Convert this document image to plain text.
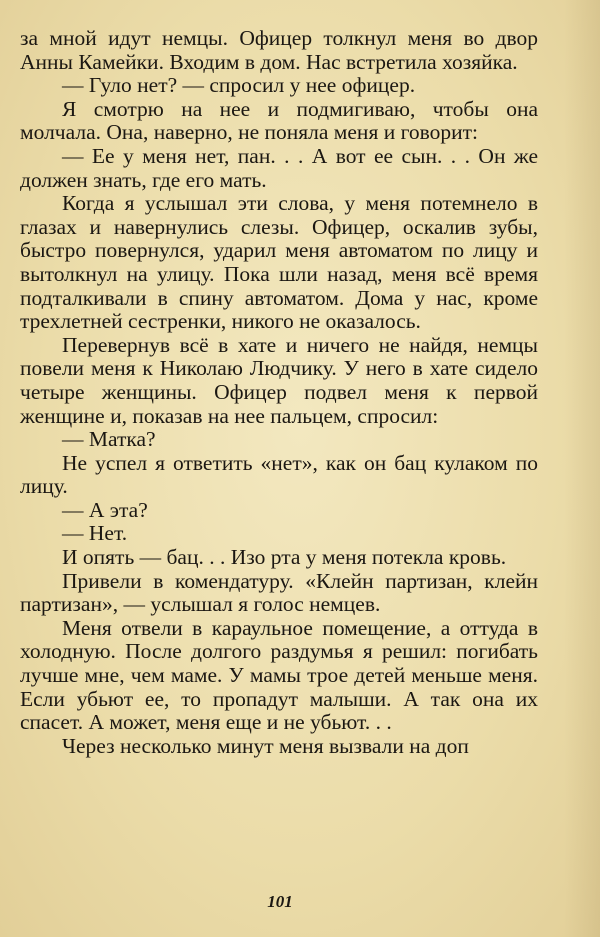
за мной идут немцы. Офицер толкнул меня во двор Анны Камейки. Входим в дом. Нас встретила хозяйка.

— Гуло нет? — спросил у нее офицер.

Я смотрю на нее и подмигиваю, чтобы она молчала. Она, наверно, не поняла меня и говорит:

— Ее у меня нет, пан. . . А вот ее сын. . . Он же должен знать, где его мать.

Когда я услышал эти слова, у меня потемнело в глазах и навернулись слезы. Офицер, оскалив зубы, быстро повернулся, ударил меня автоматом по лицу и вытолкнул на улицу. Пока шли назад, меня всё время подталкивали в спину автоматом. Дома у нас, кроме трехлетней сестренки, никого не оказалось.

Перевернув всё в хате и ничего не найдя, немцы повели меня к Николаю Людчику. У него в хате сидело четыре женщины. Офицер подвел меня к первой женщине и, показав на нее пальцем, спросил:

— Матка?

Не успел я ответить «нет», как он бац кулаком по лицу.

— А эта?

— Нет.

И опять — бац. . . Изо рта у меня потекла кровь.

Привели в комендатуру. «Клейн партизан, клейн партизан», — услышал я голос немцев.

Меня отвели в караульное помещение, а оттуда в холодную. После долгого раздумья я решил: погибать лучше мне, чем маме. У мамы трое детей меньше меня. Если убьют ее, то пропадут малыши. А так она их спасет. А может, меня еще и не убьют. . .

Через несколько минут меня вызвали на доп

101
